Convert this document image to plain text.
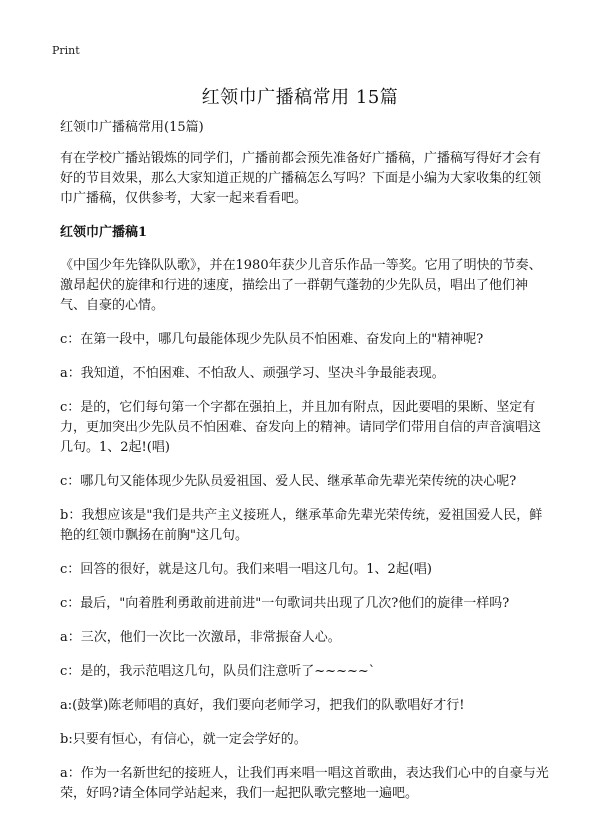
Print
红领巾广播稿常用 15篇

红领巾广播稿常用(15篇)

有在学校广播站锻炼的同学们，广播前都会预先准备好广播稿，广播稿写得好才会有好的节目效果，那么大家知道正规的广播稿怎么写吗？下面是小编为大家收集的红领巾广播稿，仅供参考，大家一起来看看吧。

红领巾广播稿1

《中国少年先锋队队歌》，并在1980年获少儿音乐作品一等奖。它用了明快的节奏、激昂起伏的旋律和行进的速度，描绘出了一群朝气蓬勃的少先队员，唱出了他们神气、自豪的心情。

c：在第一段中，哪几句最能体现少先队员不怕困难、奋发向上的"精神呢?

a：我知道，不怕困难、不怕敌人、顽强学习、坚决斗争最能表现。

c：是的，它们每句第一个字都在强拍上，并且加有附点，因此要唱的果断、坚定有力，更加突出少先队员不怕困难、奋发向上的精神。请同学们带用自信的声音演唱这几句。1、2起!(唱)

c：哪几句又能体现少先队员爱祖国、爱人民、继承革命先辈光荣传统的决心呢?

b：我想应该是"我们是共产主义接班人，继承革命先辈光荣传统，爱祖国爱人民，鲜艳的红领巾飘扬在前胸"这几句。

c：回答的很好，就是这几句。我们来唱一唱这几句。1、2起(唱)

c：最后，"向着胜利勇敢前进前进"一句歌词共出现了几次?他们的旋律一样吗?

a：三次，他们一次比一次激昂，非常振奋人心。

c：是的，我示范唱这几句，队员们注意听了~~~~~`

a:(鼓掌)陈老师唱的真好，我们要向老师学习，把我们的队歌唱好才行!

b:只要有恒心，有信心，就一定会学好的。

a：作为一名新世纪的接班人，让我们再来唱一唱这首歌曲，表达我们心中的自豪与光荣，好吗?请全体同学站起来，我们一起把队歌完整地一遍吧。
